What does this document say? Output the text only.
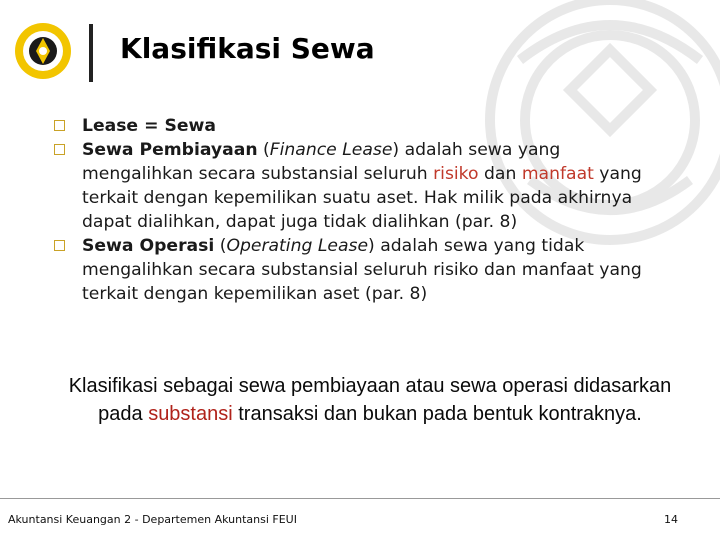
Klasifikasi Sewa
Lease = Sewa
Sewa Pembiayaan (Finance Lease) adalah sewa yang mengalihkan secara substansial seluruh risiko dan manfaat yang terkait dengan kepemilikan suatu aset. Hak milik pada akhirnya dapat dialihkan, dapat juga tidak dialihkan (par. 8)
Sewa Operasi (Operating Lease) adalah sewa yang tidak mengalihkan secara substansial seluruh risiko dan manfaat yang terkait dengan kepemilikan aset (par. 8)
Klasifikasi sebagai sewa pembiayaan atau sewa operasi didasarkan pada substansi transaksi dan bukan pada bentuk kontraknya.
Akuntansi Keuangan 2 - Departemen Akuntansi FEUI	14
